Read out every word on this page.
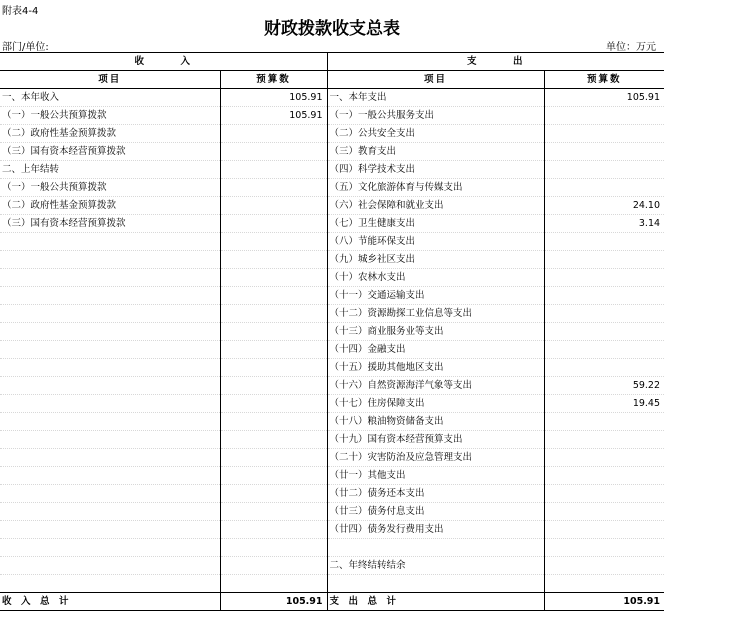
附表4-4
财政拨款收支总表
部门/单位:	单位：万元
收　　　入		支　　　出	
项目	预算数	项目	预算数
一、本年收入	105.91	一、本年支出	105.91
（一）一般公共预算拨款	105.91	（一）一般公共服务支出	
（二）政府性基金预算拨款		（二）公共安全支出	
（三）国有资本经营预算拨款		（三）教育支出	
二、上年结转		（四）科学技术支出	
（一）一般公共预算拨款		（五）文化旅游体育与传媒支出	
（二）政府性基金预算拨款		（六）社会保障和就业支出	24.10
（三）国有资本经营预算拨款		（七）卫生健康支出	3.14
		（八）节能环保支出	
		（九）城乡社区支出	
		（十）农林水支出	
		（十一）交通运输支出	
		（十二）资源勘探工业信息等支出	
		（十三）商业服务业等支出	
		（十四）金融支出	
		（十五）援助其他地区支出	
		（十六）自然资源海洋气象等支出	59.22
		（十七）住房保障支出	19.45
		（十八）粮油物资储备支出	
		（十九）国有资本经营预算支出	
		（二十）灾害防治及应急管理支出	
		（廿一）其他支出	
		（廿二）债务还本支出	
		（廿三）债务付息支出	
		（廿四）债务发行费用支出	

		二、年终结转结余	

收　入　总　计	105.91	支　出　总　计	105.91
